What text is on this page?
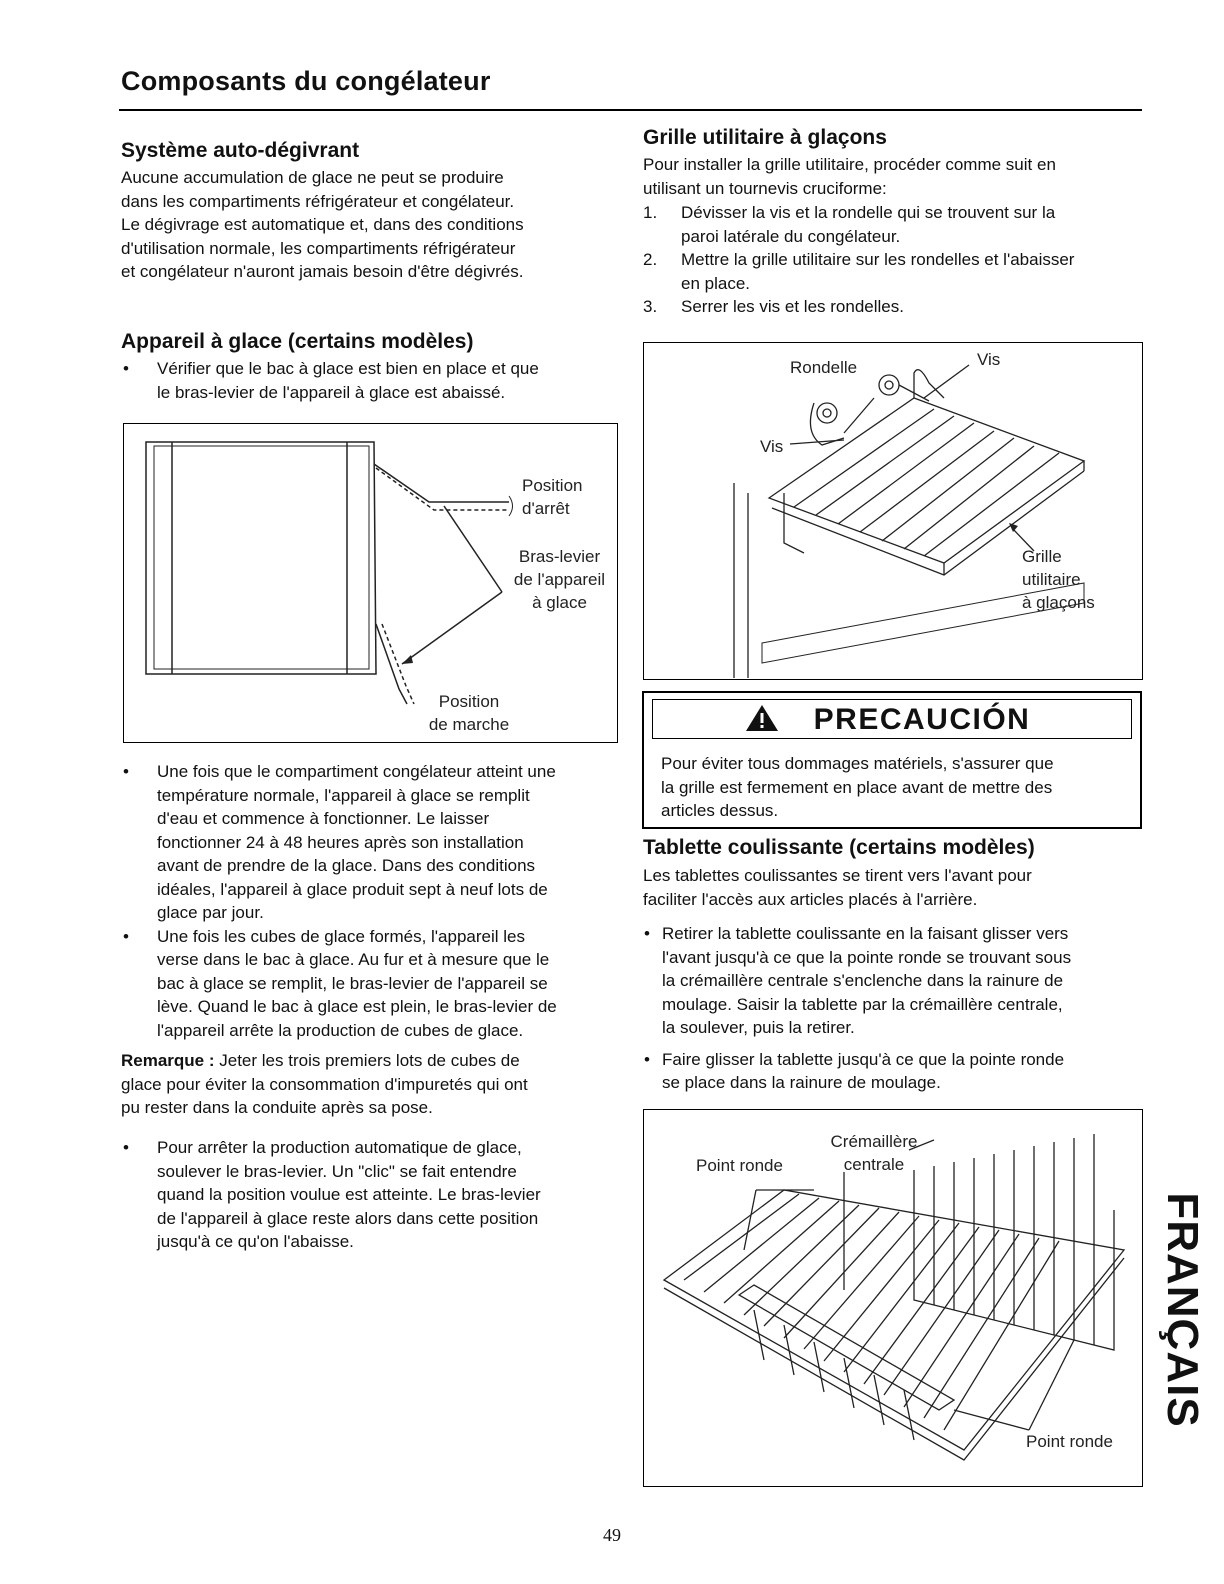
Composants du congélateur
Système auto-dégivrant

Aucune accumulation de glace ne peut se produire

dans les compartiments réfrigérateur et congélateur.

Le dégivrage est automatique et, dans des conditions

d'utilisation normale, les compartiments réfrigérateur

et congélateur n'auront jamais besoin d'être dégivrés.

Appareil à glace (certains modèles)
• Vérifier que le bac à glace est bien en place et que
le bras-levier de l'appareil à glace est abaissé.
Position
d'arrêt
Bras-levier
de l'appareil
à glace
Position
de marche
• Une fois que le compartiment congélateur atteint une
température normale, l'appareil à glace se remplit
d'eau et commence à fonctionner. Le laisser
fonctionner 24 à 48 heures après son installation
avant de prendre de la glace. Dans des conditions
idéales, l'appareil à glace produit sept à neuf lots de
glace par jour.
• Une fois les cubes de glace formés, l'appareil les
verse dans le bac à glace. Au fur et à mesure que le
bac à glace se remplit, le bras-levier de l'appareil se
lève. Quand le bac à glace est plein, le bras-levier de
l'appareil arrête la production de cubes de glace.

Remarque : Jeter les trois premiers lots de cubes de

glace pour éviter la consommation d'impuretés qui ont

pu rester dans la conduite après sa pose.

• Pour arrêter la production automatique de glace,
soulever le bras-levier. Un "clic" se fait entendre
quand la position voulue est atteinte. Le bras-levier
de l'appareil à glace reste alors dans cette position
jusqu'à ce qu'on l'abaisse.
Grille utilitaire à glaçons

Pour installer la grille utilitaire, procéder comme suit en

utilisant un tournevis cruciforme:

1. Dévisser la vis et la rondelle qui se trouvent sur la
paroi latérale du congélateur.
2. Mettre la grille utilitaire sur les rondelles et l'abaisser
en place.
3. Serrer les vis et les rondelles.
Rondelle	Vis
Vis
Grille
utilitaire
à glaçons
PRECAUCIÓN

Pour éviter tous dommages matériels, s'assurer que

la grille est fermement en place avant de mettre des

articles dessus.

Tablette coulissante (certains modèles)

Les tablettes coulissantes se tirent vers l'avant pour

faciliter l'accès aux articles placés à l'arrière.

• Retirer la tablette coulissante en la faisant glisser vers
l'avant jusqu'à ce que la pointe ronde se trouvant sous
la crémaillère centrale s'enclenche dans la rainure de
moulage. Saisir la tablette par la crémaillère centrale,
la soulever, puis la retirer.
• Faire glisser la tablette jusqu'à ce que la pointe ronde
se place dans la rainure de moulage.
Crémaillère
centrale
Point ronde
Point ronde
FRANÇAIS
49
